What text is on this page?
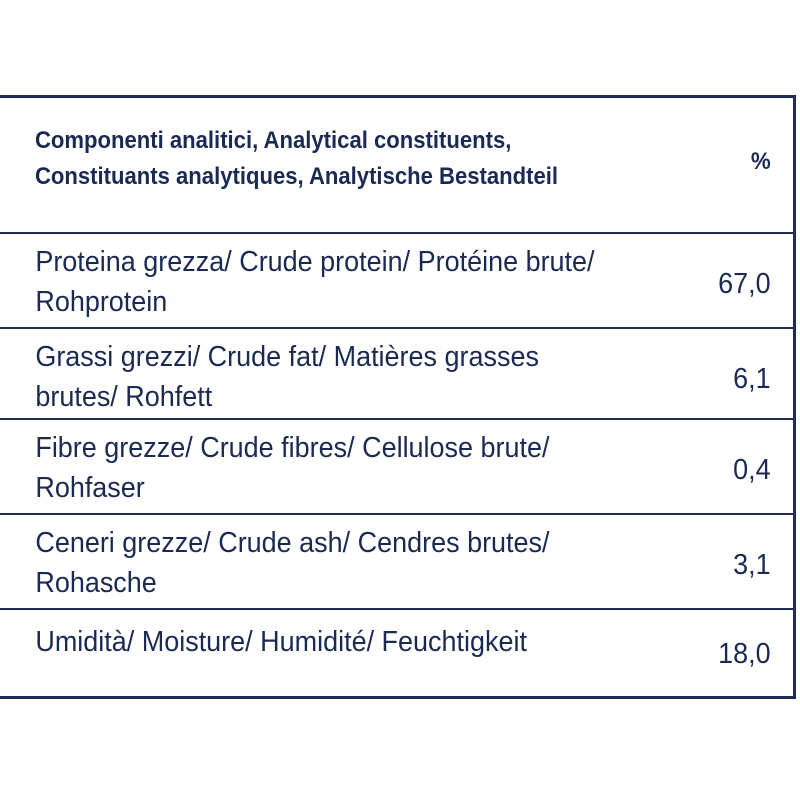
Componenti analitici, Analytical constituents,
Constituants analytiques, Analytische Bestandteil
%
Proteina grezza/ Crude protein/ Protéine brute/ Rohprotein
67,0
Grassi grezzi/ Crude fat/ Matières grasses brutes/ Rohfett
6,1
Fibre grezze/ Crude fibres/ Cellulose brute/ Rohfaser
0,4
Ceneri grezze/ Crude ash/ Cendres brutes/ Rohasche
3,1
Umidità/ Moisture/ Humidité/ Feuchtigkeit	18,0
